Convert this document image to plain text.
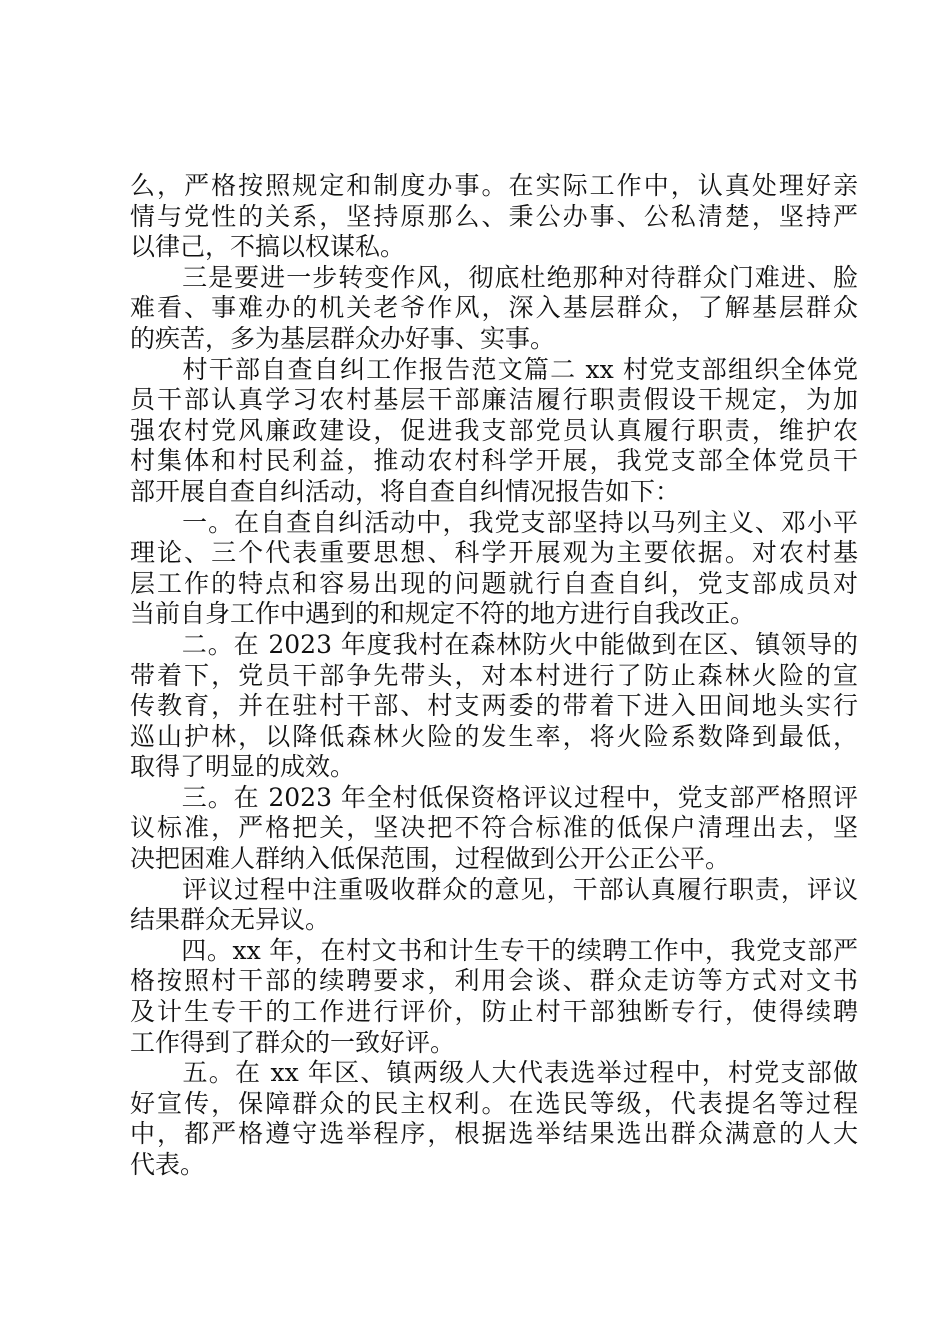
么，严格按照规定和制度办事。在实际工作中，认真处理好亲
情与党性的关系，坚持原那么、秉公办事、公私清楚，坚持严
以律己，不搞以权谋私。
　　三是要进一步转变作风，彻底杜绝那种对待群众门难进、脸
难看、事难办的机关老爷作风，深入基层群众，了解基层群众
的疾苦，多为基层群众办好事、实事。
　　村干部自查自纠工作报告范文篇二 xx 村党支部组织全体党
员干部认真学习农村基层干部廉洁履行职责假设干规定，为加
强农村党风廉政建设，促进我支部党员认真履行职责，维护农
村集体和村民利益，推动农村科学开展，我党支部全体党员干
部开展自查自纠活动，将自查自纠情况报告如下：
　　一。在自查自纠活动中，我党支部坚持以马列主义、邓小平
理论、三个代表重要思想、科学开展观为主要依据。对农村基
层工作的特点和容易出现的问题就行自查自纠，党支部成员对
当前自身工作中遇到的和规定不符的地方进行自我改正。
　　二。在 2023 年度我村在森林防火中能做到在区、镇领导的
带着下，党员干部争先带头，对本村进行了防止森林火险的宣
传教育，并在驻村干部、村支两委的带着下进入田间地头实行
巡山护林，以降低森林火险的发生率，将火险系数降到最低，
取得了明显的成效。
　　三。在 2023 年全村低保资格评议过程中，党支部严格照评
议标准，严格把关，坚决把不符合标准的低保户清理出去，坚
决把困难人群纳入低保范围，过程做到公开公正公平。
　　评议过程中注重吸收群众的意见，干部认真履行职责，评议
结果群众无异议。
　　四。xx 年，在村文书和计生专干的续聘工作中，我党支部严
格按照村干部的续聘要求，利用会谈、群众走访等方式对文书
及计生专干的工作进行评价，防止村干部独断专行，使得续聘
工作得到了群众的一致好评。
　　五。在 xx 年区、镇两级人大代表选举过程中，村党支部做
好宣传，保障群众的民主权利。在选民等级，代表提名等过程
中，都严格遵守选举程序，根据选举结果选出群众满意的人大
代表。
